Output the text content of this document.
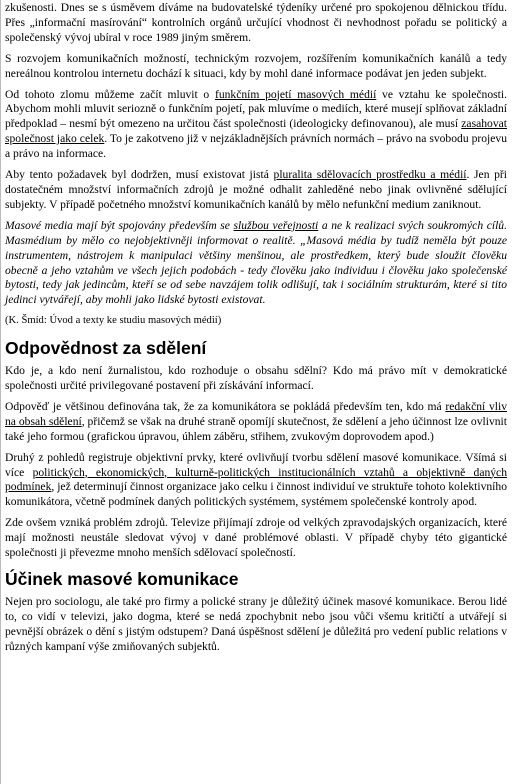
zkušenosti. Dnes se s úsměvem díváme na budovatelské týdeníky určené pro spokojenou dělnickou třídu. Přes „informační masírování“ kontrolních orgánů určující vhodnost či nevhodnost pořadu se politický a společenský vývoj ubíral v roce 1989 jiným směrem.

S rozvojem komunikačních možností, technickým rozvojem, rozšířením komunikačních kanálů a tedy nereálnou kontrolou internetu dochází k situaci, kdy by mohl dané informace podávat jen jeden subjekt.

Od tohoto zlomu můžeme začít mluvit o funkčním pojetí masových médií ve vztahu ke společnosti. Abychom mohli mluvit seriozně o funkčním pojetí, pak mluvíme o mediích, které musejí splňovat základní předpoklad – nesmí být omezeno na určitou část společnosti (ideologicky definovanou), ale musí zasahovat společnost jako celek. To je zakotveno již v nejzákladnějších právních normách – právo na svobodu projevu a právo na informace.

Aby tento požadavek byl dodržen, musí existovat jistá pluralita sdělovacích prostředku a médií. Jen při dostatečném množství informačních zdrojů je možné odhalit zahleděné nebo jinak ovlivněné sdělující subjekty. V případě početného množství komunikačních kanálů by mělo nefunkční medium zaniknout.

Masové media mají být spojovány především se službou veřejnosti a ne k realizaci svých soukromých cílů. Masmédium by mělo co nejobjektivněji informovat o realitě. „Masová média by tudíž neměla být pouze instrumentem, nástrojem k manipulaci většiny menšinou, ale prostředkem, který bude sloužit člověku obecně a jeho vztahům ve všech jejich podobách - tedy člověku jako individuu i člověku jako společenské bytosti, tedy jak jedincům, kteří se od sebe navzájem tolik odlišují, tak i sociálním strukturám, které si tito jedinci vytvářejí, aby mohli jako lidské bytosti existovat.

(K. Šmíd: Úvod a texty ke studiu masových médií)

Odpovědnost za sdělení

Kdo je, a kdo není žurnalistou, kdo rozhoduje o obsahu sdělní? Kdo má právo mít v demokratické společnosti určité privilegované postavení při získávání informací.

Odpověď je většinou definována tak, že za komunikátora se pokládá především ten, kdo má redakční vliv na obsah sdělení, přičemž se však na druhé straně opomíjí skutečnost, že sdělení a jeho účinnost lze ovlivnit také jeho formou (grafickou úpravou, úhlem záběru, střihem, zvukovým doprovodem apod.)

Druhý z pohledů registruje objektivní prvky, které ovlivňují tvorbu sdělení masové komunikace. Všímá si více politických, ekonomických, kulturně-politických institucionálních vztahů a objektivně daných podmínek, jež determinují činnost organizace jako celku i činnost individuí ve struktuře tohoto kolektivního komunikátora, včetně podmínek daných politických systémem, systémem společenské kontroly apod.

Zde ovšem vzniká problém zdrojů. Televize přijímají zdroje od velkých zpravodajských organizacích, které mají možnosti neustále sledovat vývoj v dané problémové oblasti. V případě chyby této gigantické společnosti ji převezme mnoho menších sdělovací společností.

Účinek masové komunikace

Nejen pro sociologu, ale také pro firmy a polické strany je důležitý účinek masové komunikace. Berou lidé to, co vidí v televizi, jako dogma, které se nedá zpochybnit nebo jsou vůči všemu kritičtí a utvářejí si pevnější obrázek o dění s jistým odstupem? Daná úspěšnost sdělení je důležitá pro vedení public relations v různých kampaní výše zmiňovaných subjektů.
